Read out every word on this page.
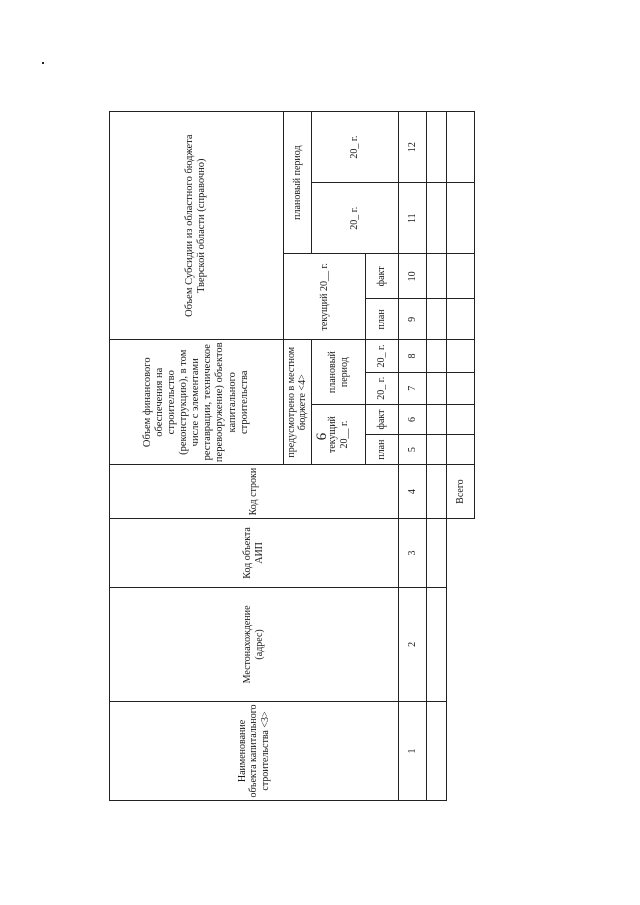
9
Наименование объекта капитального строительства <3>	Местонахождение (адрес)	Код объекта АИП	Код строки	Объем финансового обеспечения на строительство (реконструкцию), в том числе с элементами реставрации, техническое перевооружение) объектов капитального строительства				Объем Субсидии из областного бюджета Тверской области (справочно)			
				предусмотрено в местном бюджете <4>				текущий 20__ г.		плановый период	
				текущий 20__ г.		плановый период				20_ г.	20_ г.
				план	факт	20_ г.	20_ г.	план	факт		
1	2	3	4	5	6	7	8	9	10	11	12

			Всего								
